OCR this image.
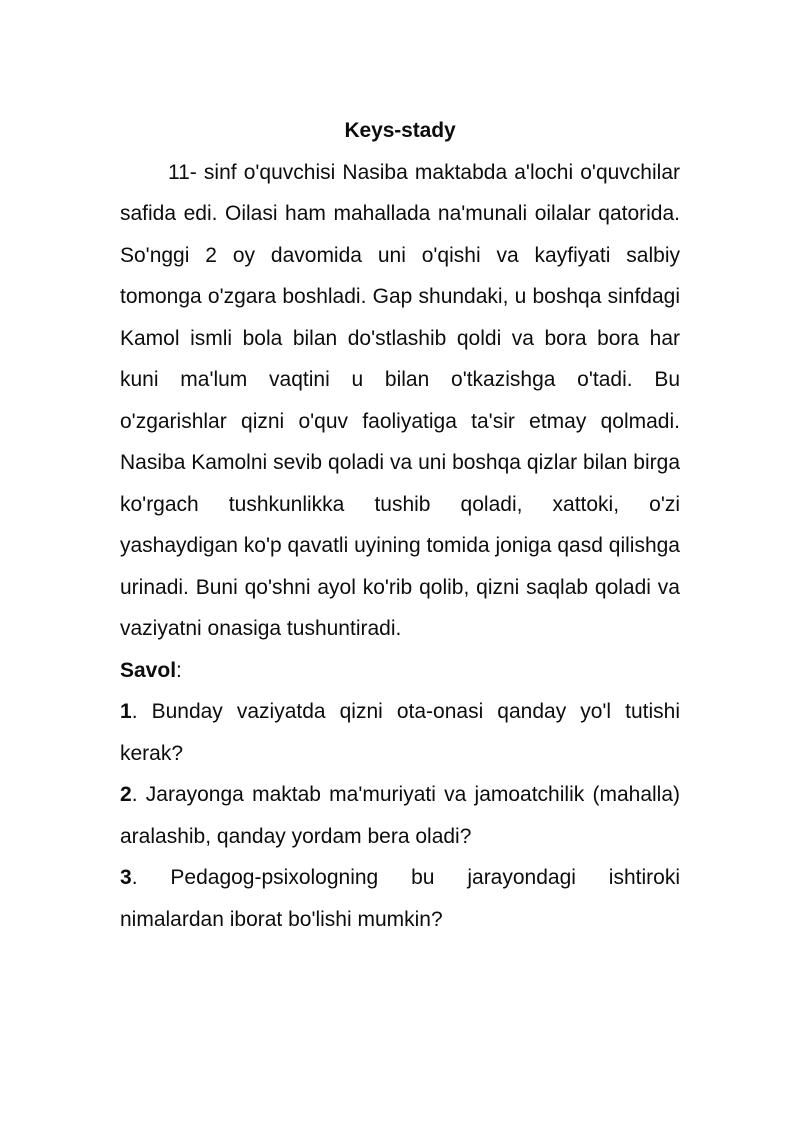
Keys-stady

11- sinf o'quvchisi Nasiba maktabda a'lochi o'quvchilar safida edi. Oilasi ham mahallada na'munali oilalar qatorida. So'nggi 2 oy davomida uni o'qishi va kayfiyati salbiy tomonga o'zgara boshladi. Gap shundaki, u boshqa sinfdagi Kamol ismli bola bilan do'stlashib qoldi va bora bora har kuni ma'lum vaqtini u bilan o'tkazishga o'tadi. Bu o'zgarishlar qizni o'quv faoliyatiga ta'sir etmay qolmadi.  Nasiba Kamolni sevib qoladi va uni boshqa qizlar bilan birga ko'rgach tushkunlikka tushib qoladi, xattoki, o'zi yashaydigan ko'p qavatli uyining tomida joniga qasd qilishga urinadi. Buni qo'shni ayol ko'rib qolib, qizni saqlab qoladi va vaziyatni onasiga tushuntiradi.

Savol:

1. Bunday vaziyatda qizni ota-onasi qanday yo'l tutishi kerak?

2. Jarayonga maktab ma'muriyati va jamoatchilik (mahalla) aralashib, qanday yordam bera oladi?

3. Pedagog-psixologning bu jarayondagi ishtiroki nimalardan iborat bo'lishi mumkin?
